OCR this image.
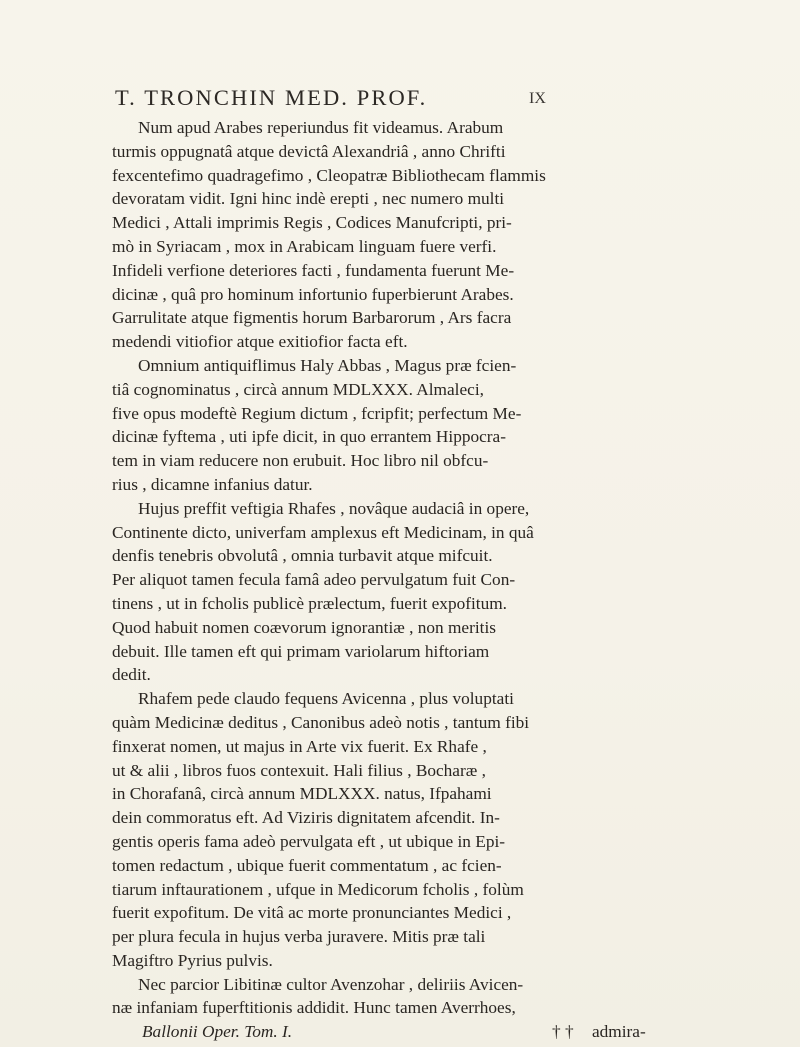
T. TRONCHIN MED. PROF.	IX
Num apud Arabes reperiundus fit videamus. Arabum
turmis oppugnatâ atque devictâ Alexandriâ , anno Chrifti
fexcentefimo quadragefimo , Cleopatræ Bibliothecam flammis
devoratam vidit. Igni hinc indè erepti , nec numero multi
Medici , Attali imprimis Regis , Codices Manufcripti, pri-
mò in Syriacam , mox in Arabicam linguam fuere verfi.
Infideli verfione deteriores facti , fundamenta fuerunt Me-
dicinæ , quâ pro hominum infortunio fuperbierunt Arabes.
Garrulitate atque figmentis horum Barbarorum , Ars facra
medendi vitiofior atque exitiofior facta eft.
Omnium antiquiflimus Haly Abbas , Magus præ fcien-
tiâ cognominatus , circà annum MDLXXX. Almaleci,
five opus modeftè Regium dictum , fcripfit; perfectum Me-
dicinæ fyftema , uti ipfe dicit, in quo errantem Hippocra-
tem in viam reducere non erubuit. Hoc libro nil obfcu-
rius , dicamne infanius datur.
Hujus preffit veftigia Rhafes , novâque audaciâ in opere,
Continente dicto, univerfam amplexus eft Medicinam, in quâ
denfis tenebris obvolutâ , omnia turbavit atque mifcuit.
Per aliquot tamen fecula famâ adeo pervulgatum fuit Con-
tinens , ut in fcholis publicè prælectum, fuerit expofitum.
Quod habuit nomen coævorum ignorantiæ , non meritis
debuit. Ille tamen eft qui primam variolarum hiftoriam
dedit.
Rhafem pede claudo fequens Avicenna , plus voluptati
quàm Medicinæ deditus , Canonibus adeò notis , tantum fibi
finxerat nomen, ut majus in Arte vix fuerit. Ex Rhafe ,
ut & alii , libros fuos contexuit. Hali filius , Bocharæ ,
in Chorafanâ, circà annum MDLXXX. natus, Ifpahami
dein commoratus eft. Ad Viziris dignitatem afcendit. In-
gentis operis fama adeò pervulgata eft , ut ubique in Epi-
tomen redactum , ubique fuerit commentatum , ac fcien-
tiarum inftaurationem , ufque in Medicorum fcholis , folùm
fuerit expofitum. De vitâ ac morte pronunciantes Medici ,
per plura fecula in hujus verba juravere. Mitis præ tali
Magiftro Pyrius pulvis.
Nec parcior Libitinæ cultor Avenzohar , deliriis Avicen-
næ infaniam fuperftitionis addidit. Hunc tamen Averrhoes,
Ballonii Oper. Tom. I.	† † admira-
